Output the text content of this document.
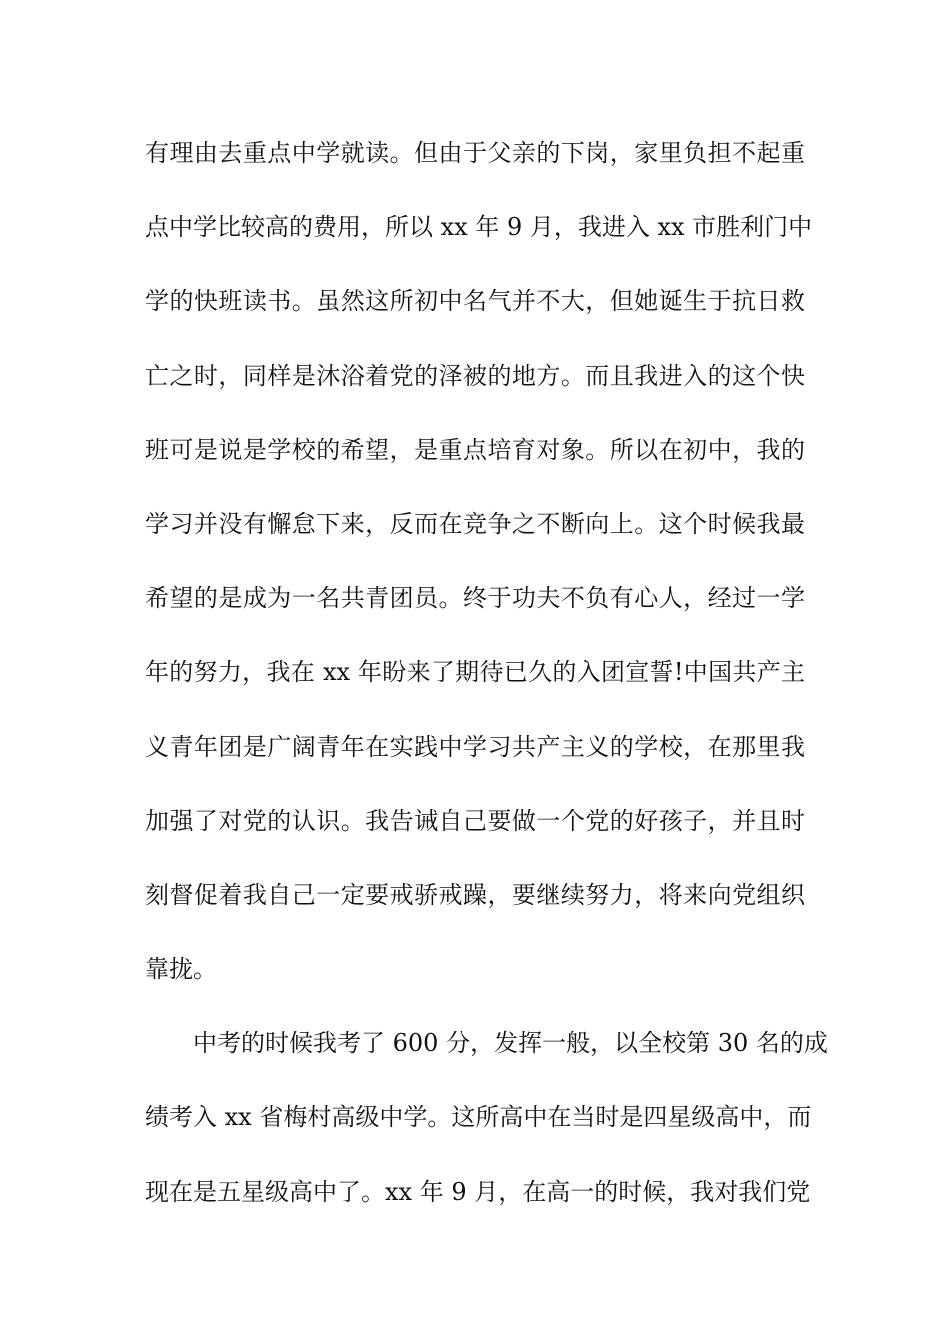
有理由去重点中学就读。但由于父亲的下岗，家里负担不起重
点中学比较高的费用，所以 xx 年 9 月，我进入 xx 市胜利门中
学的快班读书。虽然这所初中名气并不大，但她诞生于抗日救
亡之时，同样是沐浴着党的泽被的地方。而且我进入的这个快
班可是说是学校的希望，是重点培育对象。所以在初中，我的
学习并没有懈怠下来，反而在竞争之不断向上。这个时候我最
希望的是成为一名共青团员。终于功夫不负有心人，经过一学
年的努力，我在 xx 年盼来了期待已久的入团宣誓!中国共产主
义青年团是广阔青年在实践中学习共产主义的学校，在那里我
加强了对党的认识。我告诫自己要做一个党的好孩子，并且时
刻督促着我自己一定要戒骄戒躁，要继续努力，将来向党组织
靠拢。
中考的时候我考了 600 分，发挥一般，以全校第 30 名的成
绩考入 xx 省梅村高级中学。这所高中在当时是四星级高中，而
现在是五星级高中了。xx 年 9 月，在高一的时候，我对我们党
